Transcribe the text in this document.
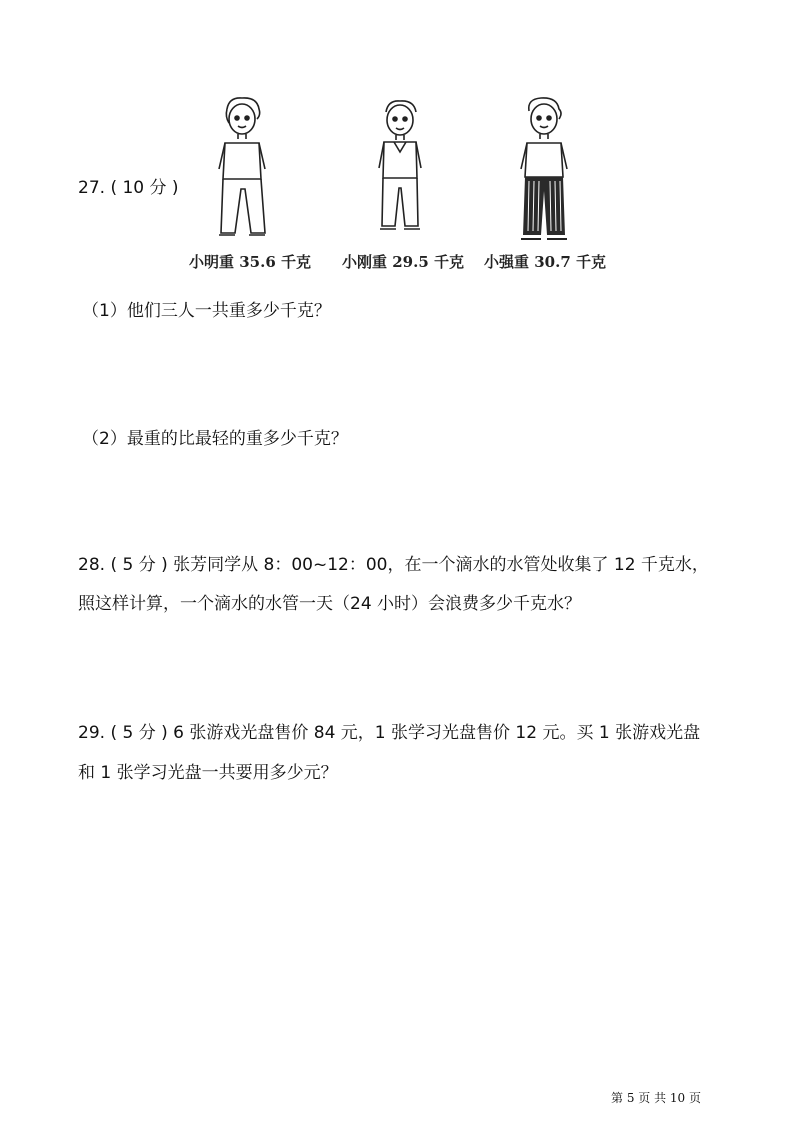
27. ( 10 分 )
小明重 35.6 千克 小刚重 29.5 千克 小强重 30.7 千克
（1）他们三人一共重多少千克？
（2）最重的比最轻的重多少千克？
28. ( 5 分 ) 张芳同学从 8：00~12：00，在一个滴水的水管处收集了 12 千克水，
照这样计算，一个滴水的水管一天（24 小时）会浪费多少千克水？
29. ( 5 分 ) 6 张游戏光盘售价 84 元，1 张学习光盘售价 12 元。买 1 张游戏光盘
和 1 张学习光盘一共要用多少元？
第 5 页 共 10 页
